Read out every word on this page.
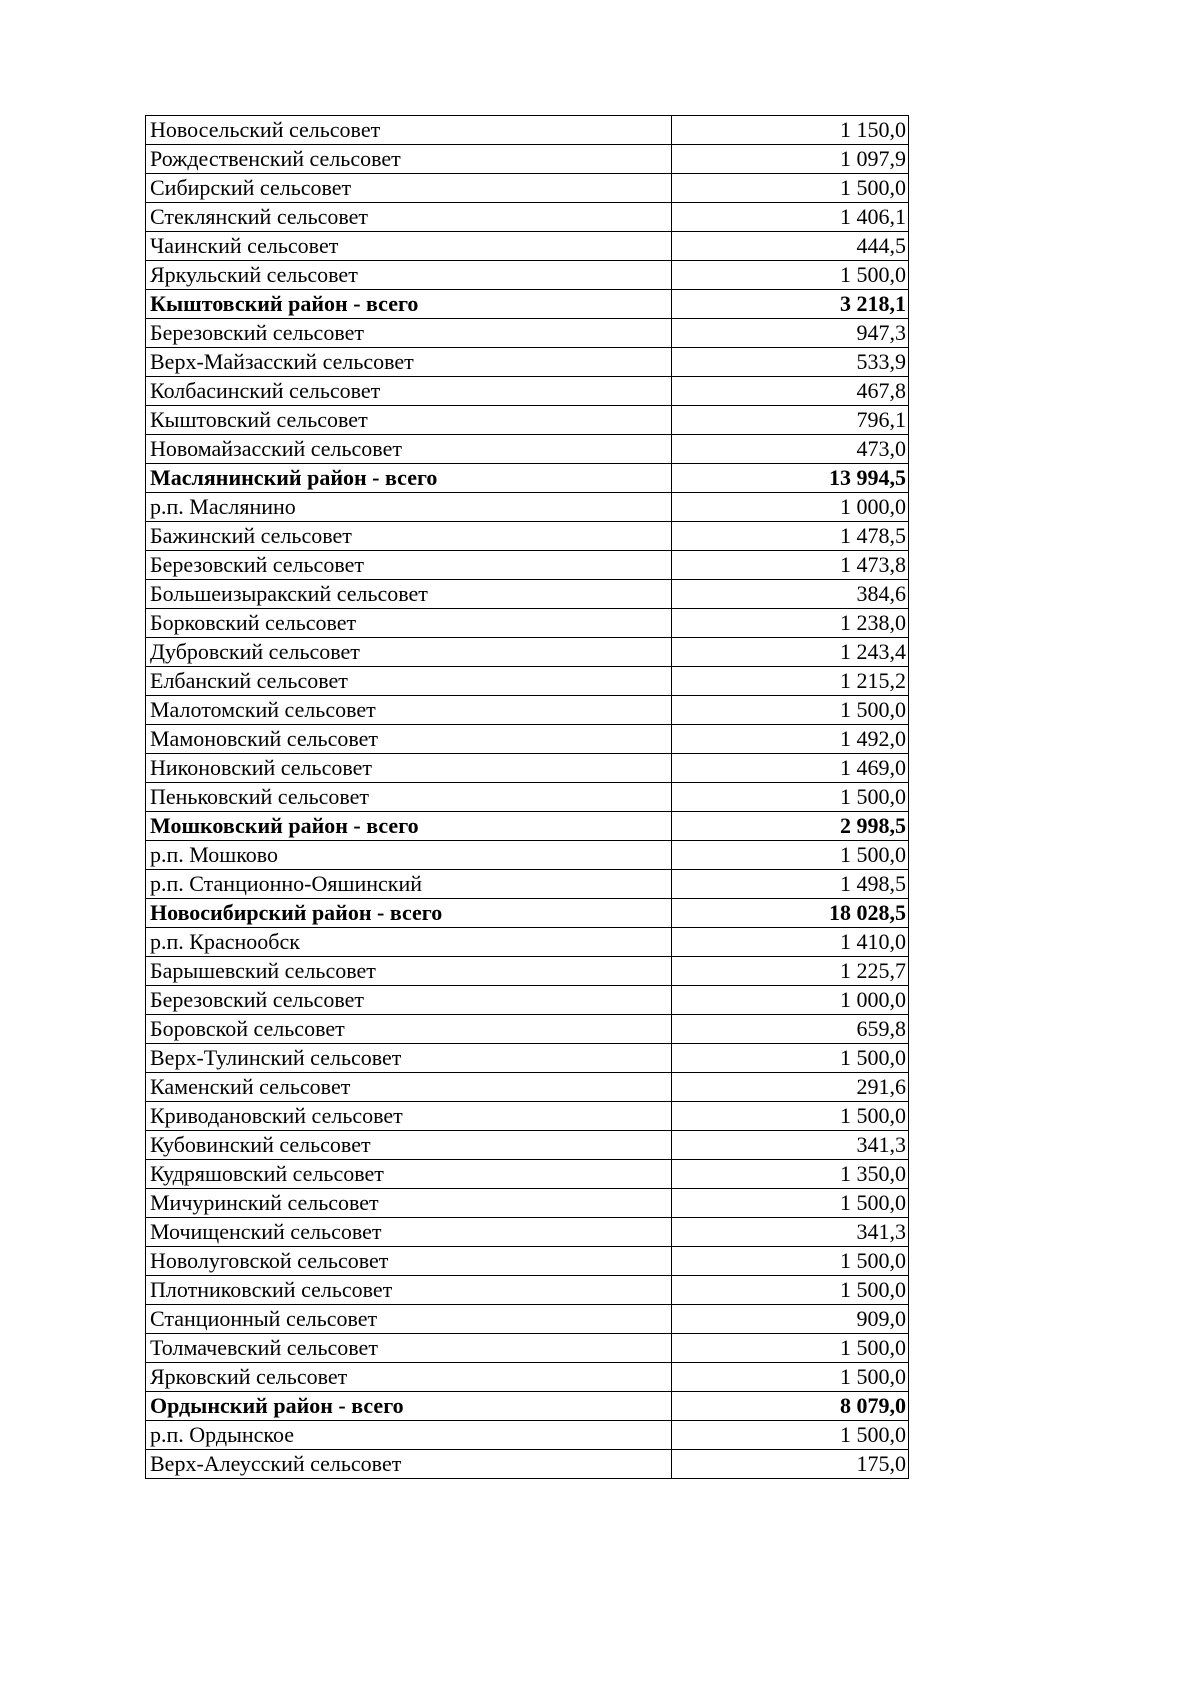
Новосельский сельсовет	1 150,0
Рождественский сельсовет	1 097,9
Сибирский сельсовет	1 500,0
Стеклянский сельсовет	1 406,1
Чаинский сельсовет	444,5
Яркульский сельсовет	1 500,0
Кыштовский район - всего	3 218,1
Березовский сельсовет	947,3
Верх-Майзасский сельсовет	533,9
Колбасинский сельсовет	467,8
Кыштовский сельсовет	796,1
Новомайзасский сельсовет	473,0
Маслянинский район - всего	13 994,5
р.п. Маслянино	1 000,0
Бажинский сельсовет	1 478,5
Березовский сельсовет	1 473,8
Большеизыракский сельсовет	384,6
Борковский сельсовет	1 238,0
Дубровский сельсовет	1 243,4
Елбанский сельсовет	1 215,2
Малотомский сельсовет	1 500,0
Мамоновский сельсовет	1 492,0
Никоновский сельсовет	1 469,0
Пеньковский сельсовет	1 500,0
Мошковский район - всего	2 998,5
р.п. Мошково	1 500,0
р.п. Станционно-Ояшинский	1 498,5
Новосибирский район - всего	18 028,5
р.п. Краснообск	1 410,0
Барышевский сельсовет	1 225,7
Березовский сельсовет	1 000,0
Боровской сельсовет	659,8
Верх-Тулинский сельсовет	1 500,0
Каменский сельсовет	291,6
Криводановский сельсовет	1 500,0
Кубовинский сельсовет	341,3
Кудряшовский сельсовет	1 350,0
Мичуринский сельсовет	1 500,0
Мочищенский сельсовет	341,3
Новолуговской сельсовет	1 500,0
Плотниковский сельсовет	1 500,0
Станционный сельсовет	909,0
Толмачевский сельсовет	1 500,0
Ярковский сельсовет	1 500,0
Ордынский район - всего	8 079,0
р.п. Ордынское	1 500,0
Верх-Алеусский сельсовет	175,0
